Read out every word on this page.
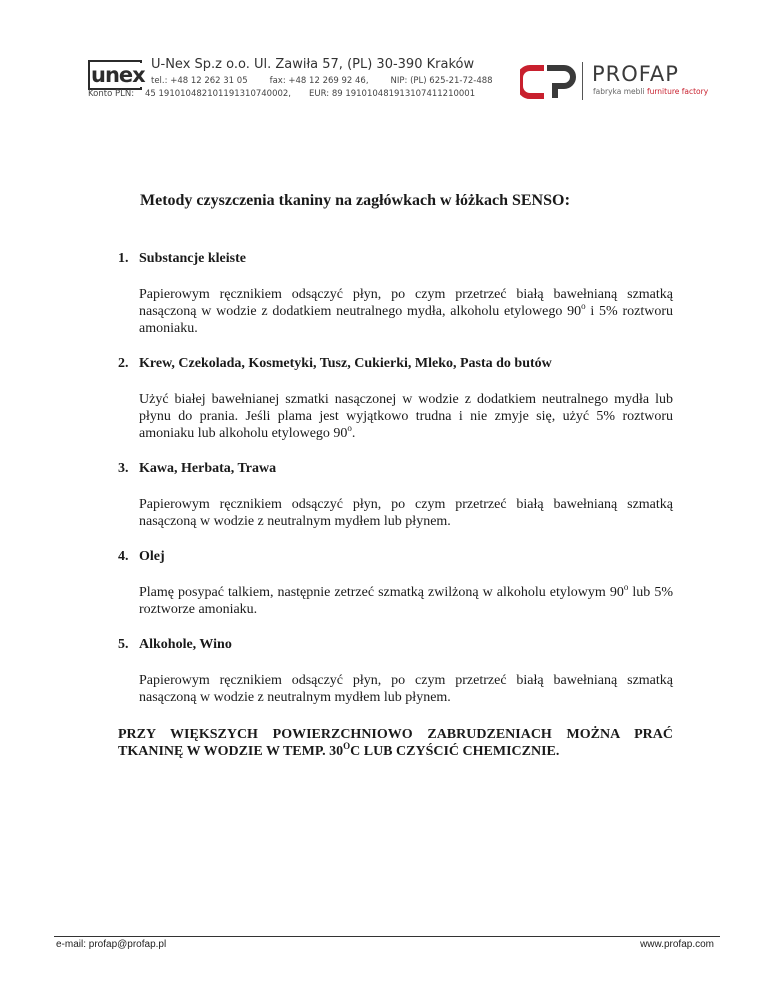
unex U-Nex Sp.z o.o. Ul. Zawiła 57, (PL) 30-390 Kraków
tel.: +48 12 262 31 05	fax: +48 12 269 92 46,	NIP: (PL) 625-21-72-488
Konto PLN: 45 191010482101191310740002, EUR: 89 191010481913107411210001
PROFAP
fabryka mebli furniture factory
Metody czyszczenia tkaniny na zagłówkach w łóżkach SENSO:
1. Substancje kleiste
Papierowym ręcznikiem odsączyć płyn, po czym przetrzeć białą bawełnianą szmatką nasączoną w wodzie z dodatkiem neutralnego mydła, alkoholu etylowego 90$^o$ i 5% roztworu amoniaku.
2. Krew, Czekolada, Kosmetyki, Tusz, Cukierki, Mleko, Pasta do butów
Użyć białej bawełnianej szmatki nasączonej w wodzie z dodatkiem neutralnego mydła lub płynu do prania. Jeśli plama jest wyjątkowo trudna i nie zmyje się, użyć 5% roztworu amoniaku lub alkoholu etylowego 90$^o$.
3. Kawa, Herbata, Trawa
Papierowym ręcznikiem odsączyć płyn, po czym przetrzeć białą bawełnianą szmatką nasączoną w wodzie z neutralnym mydłem lub płynem.
4. Olej
Plamę posypać talkiem, następnie zetrzeć szmatką zwilżoną w alkoholu etylowym 90$^o$ lub 5% roztworze amoniaku.
5. Alkohole, Wino
Papierowym ręcznikiem odsączyć płyn, po czym przetrzeć białą bawełnianą szmatką nasączoną w wodzie z neutralnym mydłem lub płynem.
PRZY WIĘKSZYCH POWIERZCHNIOWO ZABRUDZENIACH MOŻNA PRAĆ TKANINĘ W WODZIE W TEMP. $30^OC$ LUB CZYŚCIĆ CHEMICZNIE.
e-mail: profap@profap.pl	www.profap.com
